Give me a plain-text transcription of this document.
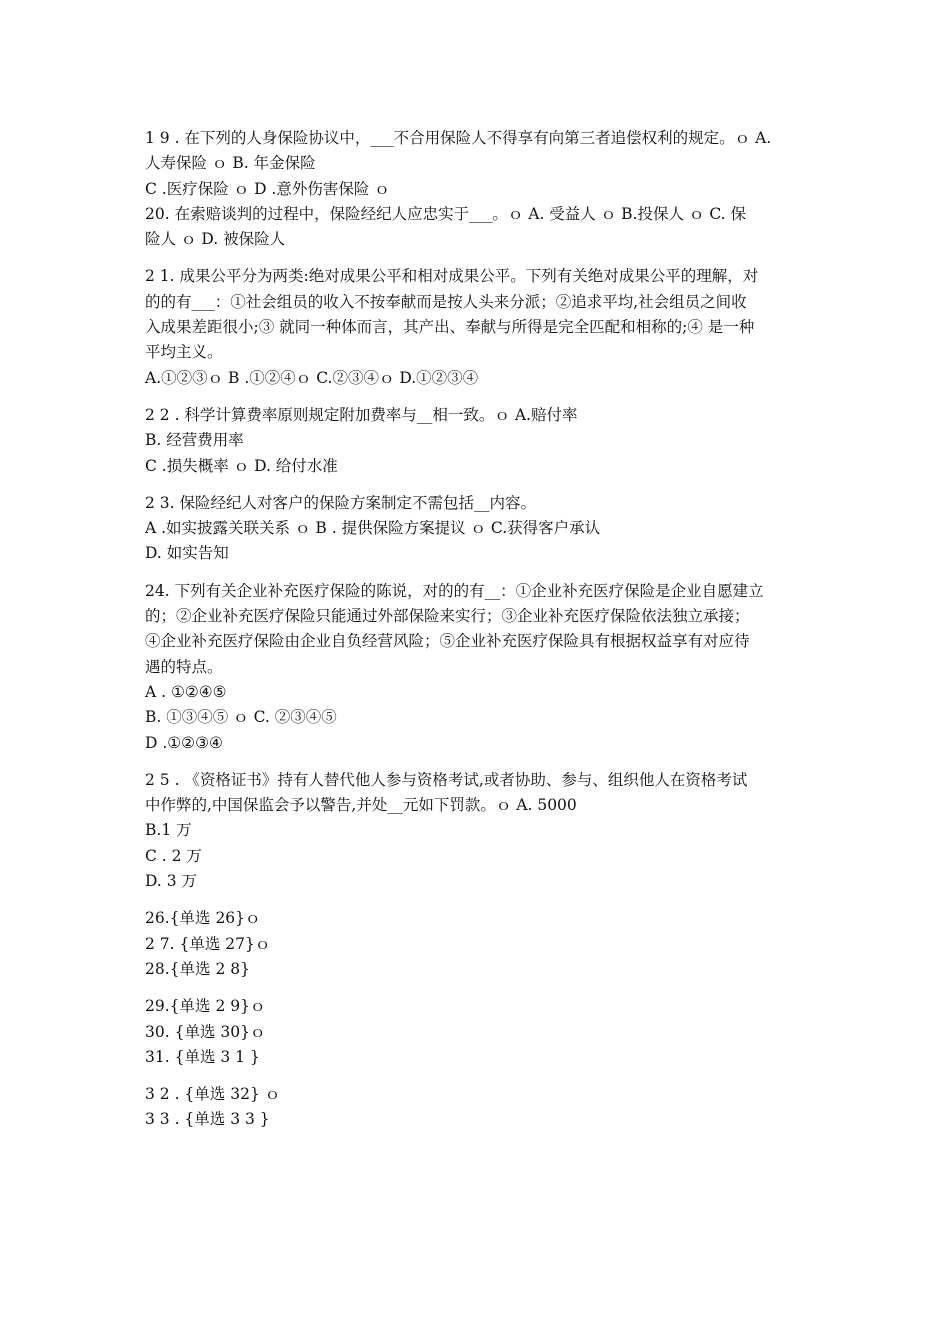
1 9 . 在下列的人身保险协议中，___不合用保险人不得享有向第三者追偿权利的规定。ｏ A.
人寿保险 ｏ B. 年金保险
C .医疗保险 ｏ D .意外伤害保险 ｏ
20. 在索赔谈判的过程中，保险经纪人应忠实于___。ｏ A. 受益人 ｏ B.投保人 ｏ C. 保
险人 ｏ D. 被保险人
2 1. 成果公平分为两类:绝对成果公平和相对成果公平。下列有关绝对成果公平的理解，对
的的有___：①社会组员的收入不按奉献而是按人头来分派；②追求平均,社会组员之间收
入成果差距很小;③ 就同一种体而言，其产出、奉献与所得是完全匹配和相称的;④ 是一种
平均主义。
A.①②③ｏ B .①②④ｏ C.②③④ｏ D.①②③④
2 2 . 科学计算费率原则规定附加费率与__相一致。ｏ A.赔付率
B. 经营费用率
C .损失概率 ｏ D. 给付水准
2 3. 保险经纪人对客户的保险方案制定不需包括__内容。
A .如实披露关联关系 ｏ B . 提供保险方案提议 ｏ C.获得客户承认
D. 如实告知
24. 下列有关企业补充医疗保险的陈说，对的的有__：①企业补充医疗保险是企业自愿建立
的；②企业补充医疗保险只能通过外部保险来实行；③企业补充医疗保险依法独立承接；
④企业补充医疗保险由企业自负经营风险；⑤企业补充医疗保险具有根据权益享有对应待
遇的特点。
A . ①②④⑤
B. ①③④⑤ ｏ C. ②③④⑤
D .①②③④
2 5 . 《资格证书》持有人替代他人参与资格考试,或者协助、参与、组织他人在资格考试
中作弊的,中国保监会予以警告,并处__元如下罚款。ｏ A. 5000
B.1 万
C . 2 万
D. 3 万
26.{单选 26}ｏ
2 7. {单选 27}ｏ
28.{单选 2 8}
29.{单选 2 9}ｏ
30. {单选 30}ｏ
31. {单选 3 1 }
3 2 . {单选 32} ｏ
3 3 . {单选 3 3 }
